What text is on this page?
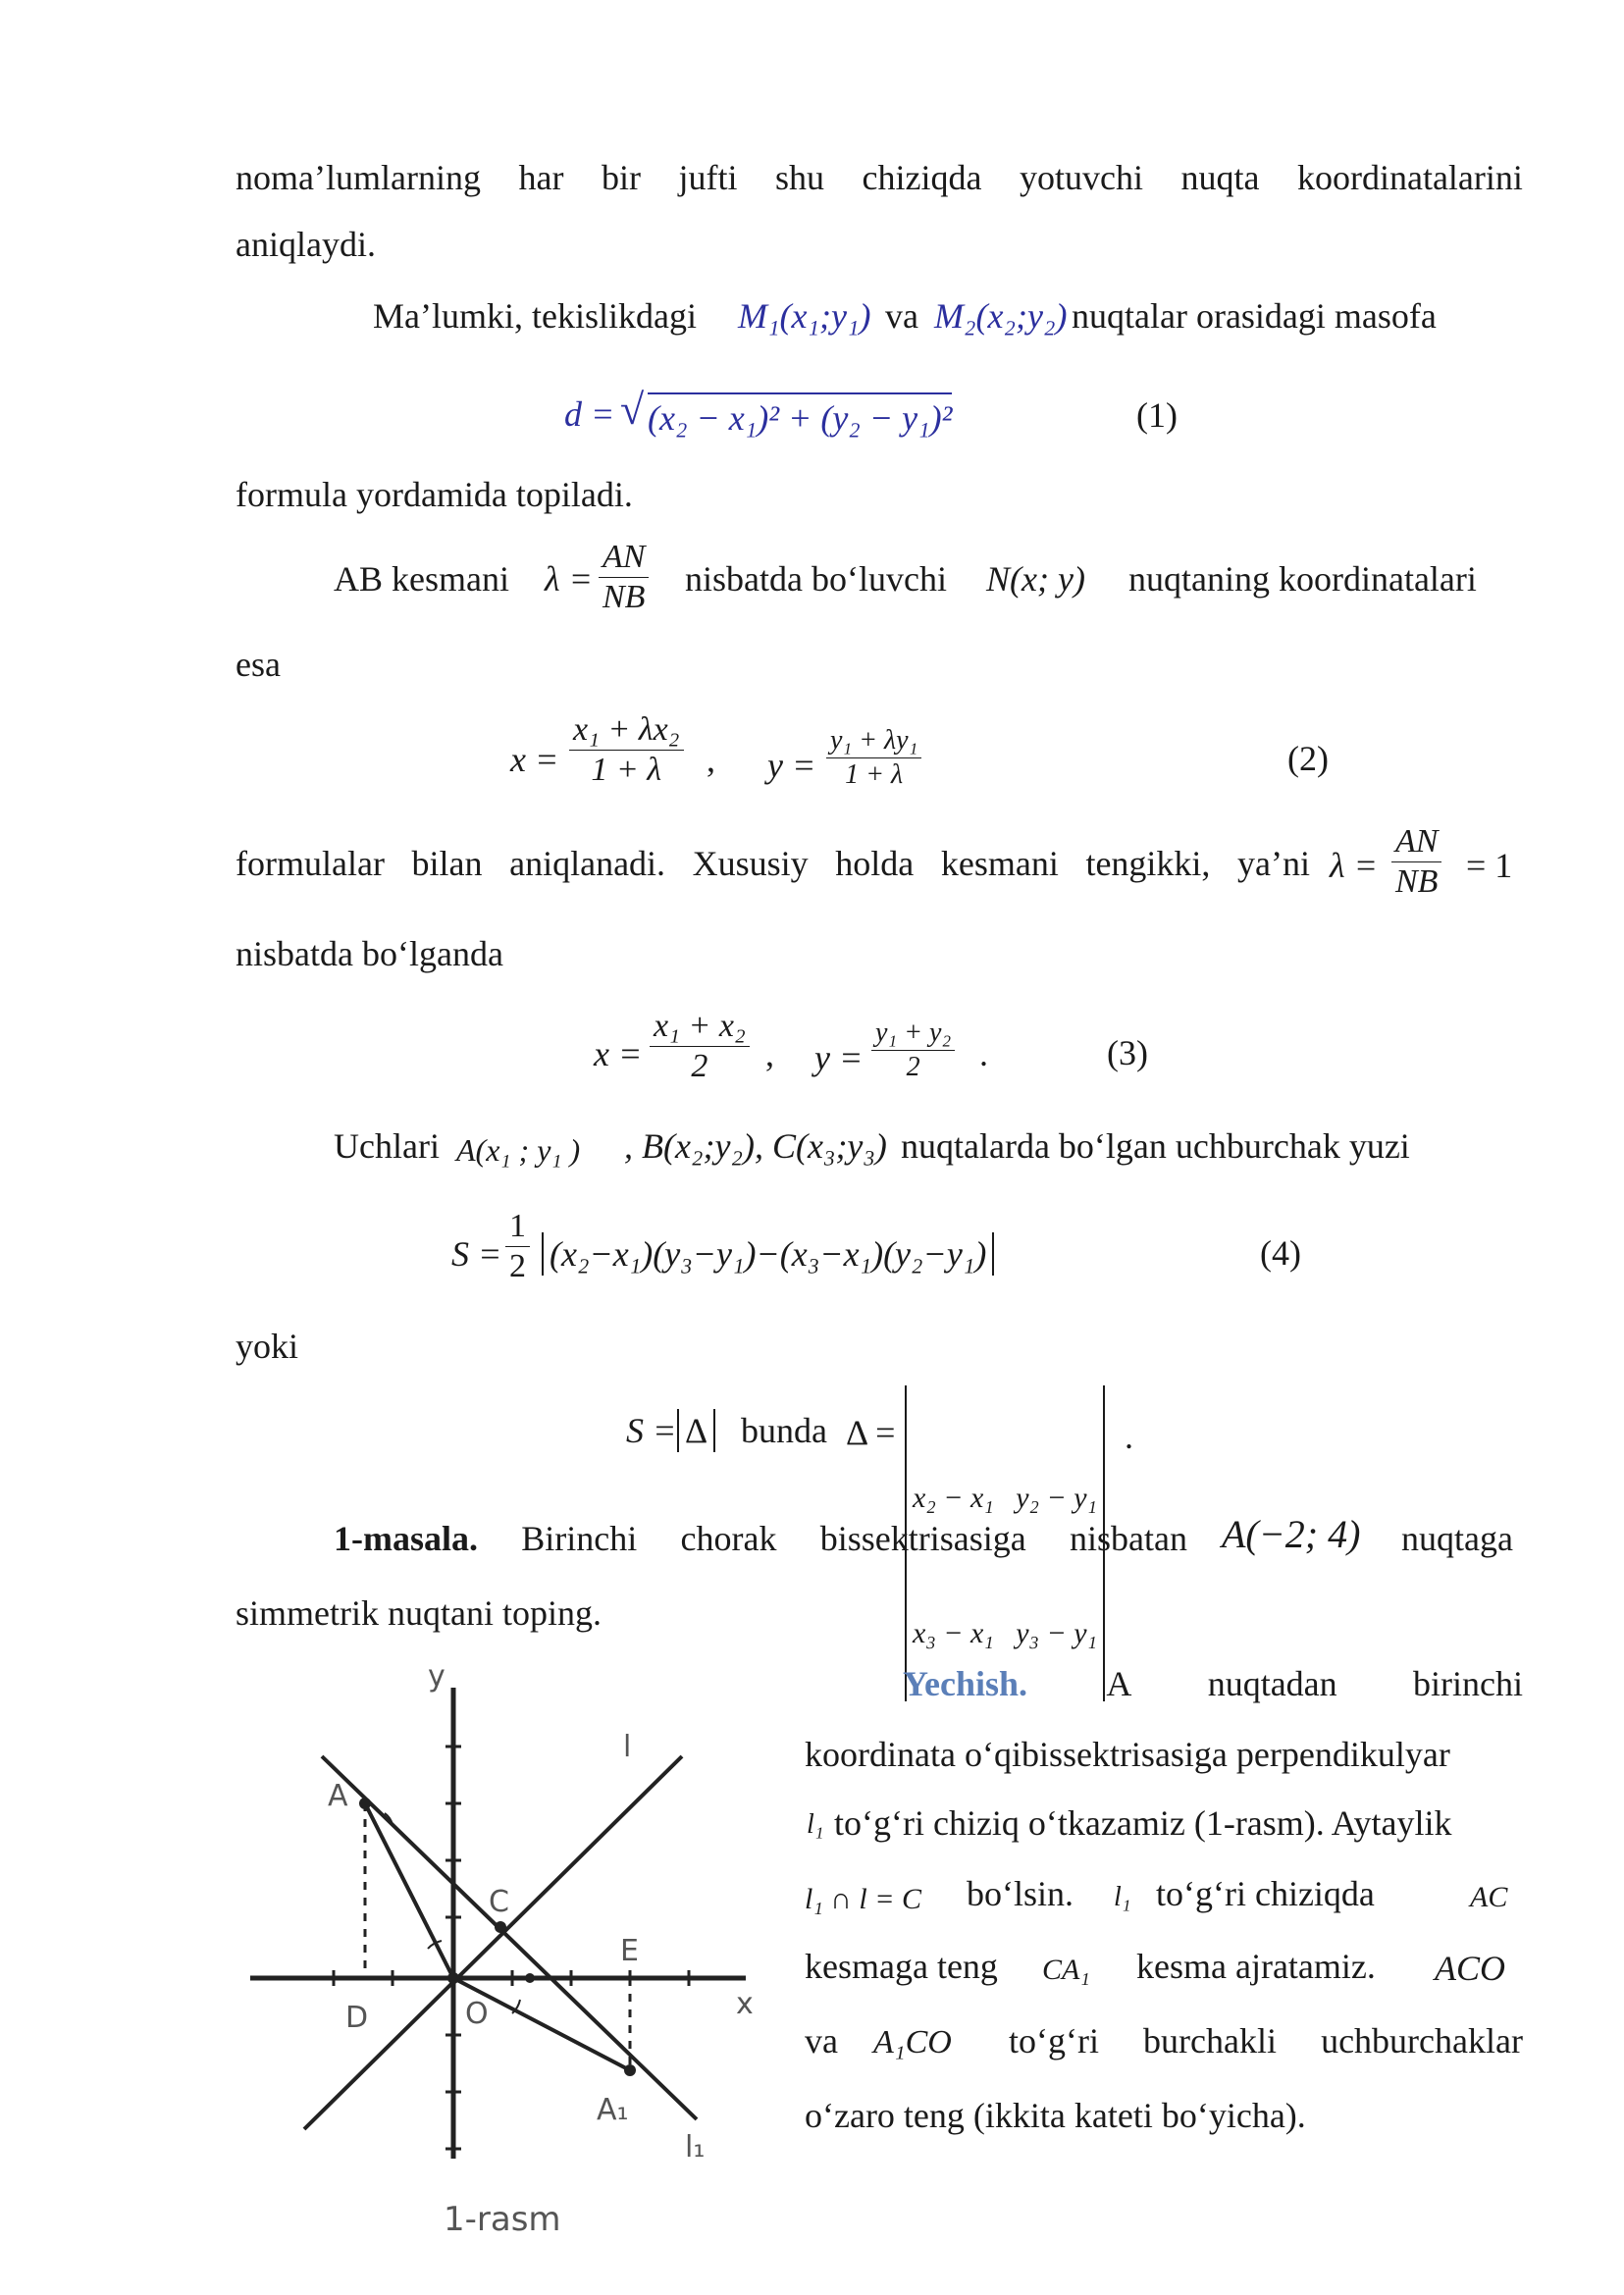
noma’lumlarning har bir jufti shu chiziqda yotuvchi nuqta koordinatalarini
aniqlaydi.
Ma’lumki, tekislikdagi M₁(x₁;y₁) va M₂(x₂;y₂) nuqtalar orasidagi masofa
d = √ (x₂ − x₁)² + (y₂ − y₁)²	(1)
formula yordamida topiladi.
AB kesmani $\lambda = \frac{AN}{NB}$ nisbatda bo‘luvchi N(x; y) nuqtaning koordinatalari
esa
$x = \frac{\text{x₁ + λx₂}}{1 + \lambda}$ , $y = \frac{\text{y₁ + λy₁}}{1 + \lambda}$	(2)
formulalar bilan aniqlanadi. Xususiy holda kesmani tengikki, ya’ni $\lambda = \frac{AN}{NB} = 1$
nisbatda bo‘lganda
$x = \frac{\text{x₁ + x₂}}{2}$ , $y = \frac{\text{y₁ + y₂}}{2}$ .	(3)
Uchlari A(x₁ ; y₁ ) , B(x₂;y₂), C(x₃;y₃) nuqtalarda bo‘lgan uchburchak yuzi
$S = \frac{1}{2} (x_2-x_1)(y_3-y_1)-(x_3-x_1)(y_2-y_1)$	(4)
yoki
S = Δ bunda Δ =

x₂ − x₁   y₂ − y₁

x₃ − x₁   y₃ − y₁

.
1-masala. Birinchi chorak bissektrisasiga nisbatan A(−2; 4) nuqtaga
simmetrik nuqtani toping.
A nuqtadan birinchi
Yechish.
koordinata o‘qibissektrisasiga perpendikulyar
l₁ to‘g‘ri chiziq o‘tkazamiz (1-rasm). Aytaylik
l₁ ∩ l = C bo‘lsin. l₁ to‘g‘ri chiziqda	AC
kesmaga teng CA₁ kesma ajratamiz. ACO
va A₁CO to‘g‘ri burchakli uchburchaklar
o‘zaro teng (ikkita kateti bo‘yicha).
y
x
l
l₁
A
A₁
C
D
E
O
1-rasm
